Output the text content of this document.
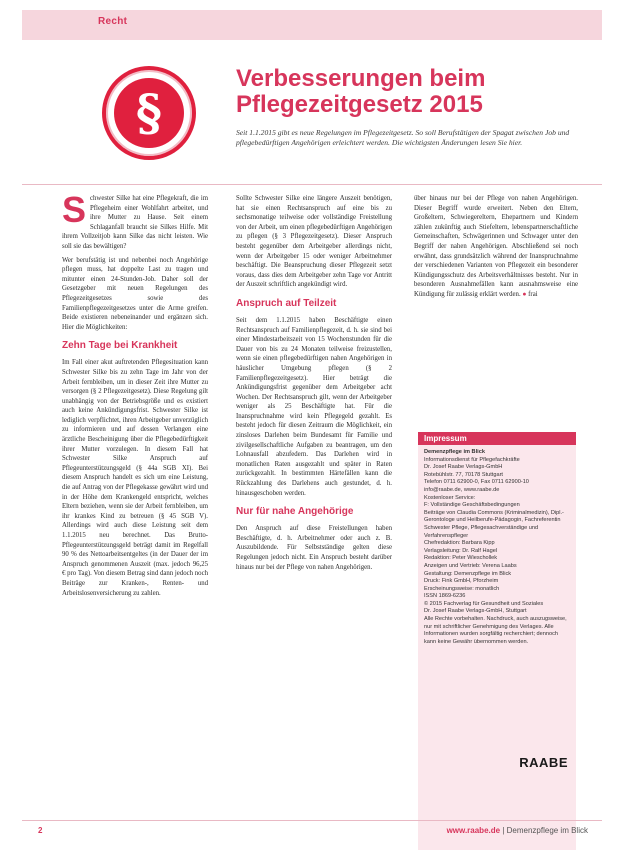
Recht
§
Verbesserungen beim Pflegezeitgesetz 2015
Seit 1.1.2015 gibt es neue Regelungen im Pflegezeitgesetz. So soll Berufstätigen der Spagat zwischen Job und pflegebedürftigen Angehörigen erleichtert werden. Die wichtigsten Änderungen lesen Sie hier.

Schwester Silke hat eine Pflegekraft, die im Pflegeheim einer Wohlfahrt arbeitet, und ihre Mutter zu Hause. Seit einem Schlaganfall braucht sie Silkes Hilfe. Mit ihrem Vollzeitjob kann Silke das nicht leisten. Wie soll sie das bewältigen?

Wer berufstätig ist und nebenbei noch Angehörige pflegen muss, hat doppelte Last zu tragen und mitunter einen 24-Stunden-Job. Daher soll der Gesetzgeber mit neuen Regelungen des Pflegezeitgesetzes sowie des Familienpflegezeitgesetzes unter die Arme greifen. Beide existieren nebeneinander und ergänzen sich. Hier die Möglichkeiten:

Zehn Tage bei Krankheit

Im Fall einer akut auftretenden Pflegesituation kann Schwester Silke bis zu zehn Tage im Jahr von der Arbeit fernbleiben, um in dieser Zeit ihre Mutter zu versorgen (§ 2 Pflegezeitgesetz). Diese Regelung gilt unabhängig von der Betriebsgröße und es existiert auch keine Ankündigungsfrist. Schwester Silke ist lediglich verpflichtet, ihren Arbeitgeber unverzüglich zu informieren und auf dessen Verlangen eine ärztliche Bescheinigung über die Pflegebedürftigkeit ihrer Mutter vorzulegen. In diesem Fall hat Schwester Silke Anspruch auf Pflegeunterstützungsgeld (§ 44a SGB XI). Bei diesem Anspruch handelt es sich um eine Leistung, die auf Antrag von der Pflegekasse gewährt wird und in der Höhe dem Krankengeld entspricht, welches Eltern beziehen, wenn sie der Arbeit fernbleiben, um ihr krankes Kind zu betreuen (§ 45 SGB V). Allerdings wird auch diese Leistung seit dem 1.1.2015 neu berechnet. Das Brutto-Pflegeunterstützungsgeld beträgt damit im Regelfall 90 % des Nettoarbeitsentgeltes (in der Dauer der im Anspruch genommenen Auszeit (max. jedoch 96,25 € pro Tag). Von diesem Betrag sind dann jedoch noch Beiträge zur Kranken-, Renten- und Arbeitslosenversicherung zu zahlen.

Sollte Schwester Silke eine längere Auszeit benötigen, hat sie einen Rechtsanspruch auf eine bis zu sechsmonatige teilweise oder vollständige Freistellung von der Arbeit, um einen pflegebedürftigen Angehörigen zu pflegen (§ 3 Pflegezeitgesetz). Dieser Anspruch besteht gegenüber dem Arbeitgeber allerdings nicht, wenn der Arbeitgeber 15 oder weniger Arbeitnehmer beschäftigt. Die Beanspruchung dieser Pflegezeit setzt voraus, dass dies dem Arbeitgeber zehn Tage vor Antritt der Auszeit schriftlich angekündigt wird.

Anspruch auf Teilzeit

Seit dem 1.1.2015 haben Beschäftigte einen Rechtsanspruch auf Familienpflegezeit, d. h. sie sind bei einer Mindestarbeitszeit von 15 Wochenstunden für die Dauer von bis zu 24 Monaten teilweise freizustellen, wenn sie einen pflegebedürftigen nahen Angehörigen in häuslicher Umgebung pflegen (§ 2 Familienpflegezeitgesetz). Hier beträgt die Ankündigungsfrist gegenüber dem Arbeitgeber acht Wochen. Der Rechtsanspruch gilt, wenn der Arbeitgeber weniger als 25 Beschäftigte hat. Für die Inanspruchnahme wird kein Pflegegeld gezahlt. Es besteht jedoch für diesen Zeitraum die Möglichkeit, ein zinsloses Darlehen beim Bundesamt für Familie und zivilgesellschaftliche Aufgaben zu beantragen, um den Lohnausfall abzufedern. Das Darlehen wird in monatlichen Raten ausgezahlt und später in Raten zurückgezahlt. In bestimmten Härtefällen kann die Rückzahlung des Darlehens auch gestundet, d. h. hinausgeschoben werden.

Nur für nahe Angehörige

Den Anspruch auf diese Freistellungen haben Beschäftigte, d. h. Arbeitnehmer oder auch z. B. Auszubildende. Für Selbstständige gelten diese Regelungen jedoch nicht. Ein Anspruch besteht darüber hinaus nur bei der Pflege von nahen Angehörigen.

über hinaus nur bei der Pflege von nahen Angehörigen. Dieser Begriff wurde erweitert. Neben den Eltern, Großeltern, Schwiegereltern, Ehepartnern und Kindern zählen zukünftig auch Stiefeltern, lebenspartnerschaftliche Gemeinschaften, Schwägerinnen und Schwager unter den Begriff der nahen Angehörigen. Abschließend sei noch erwähnt, dass grundsätzlich während der Inanspruchnahme der verschiedenen Varianten von Pflegezeit ein besonderer Kündigungsschutz des Arbeitsverhältnisses besteht. Nur in besonderen Ausnahmefällen kann ausnahmsweise eine Kündigung für zulässig erklärt werden. ● frai

Impressum
Demenzpflege im Blick
Informationsdienst für Pflegefachkräfte
Dr. Josef Raabe Verlags-GmbH
Rotebühlstr. 77, 70178 Stuttgart
Telefon 0711 62900-0, Fax 0711 62900-10
info@raabe.de, www.raabe.de
Kostenloser Service:
F: Vollständige Geschäftsbedingungen
Beiträge von Claudia Commons (Kriminalmedizin), Dipl.-Gerontologe und Heilberufe-Pädagogin, Fachreferentin Schwester Pflege, Pflegesachverständige und Verfahrenspfleger
Chefredaktion: Barbara Kipp
Verlagsleitung: Dr. Ralf Hagel
Redaktion: Peter Wieschollek
Anzeigen und Vertrieb: Verena Laabs
Gestaltung: Demenzpflege im Blick
Druck: Fink GmbH, Pforzheim
Erscheinungsweise: monatlich
ISSN 1869-6236
© 2015 Fachverlag für Gesundheit und Soziales
Dr. Josef Raabe Verlags-GmbH, Stuttgart
Alle Rechte vorbehalten. Nachdruck, auch auszugsweise, nur mit schriftlicher Genehmigung des Verlages. Alle Informationen wurden sorgfältig recherchiert; dennoch kann keine Gewähr übernommen werden.
RAABE
2	www.raabe.de | Demenzpflege im Blick
